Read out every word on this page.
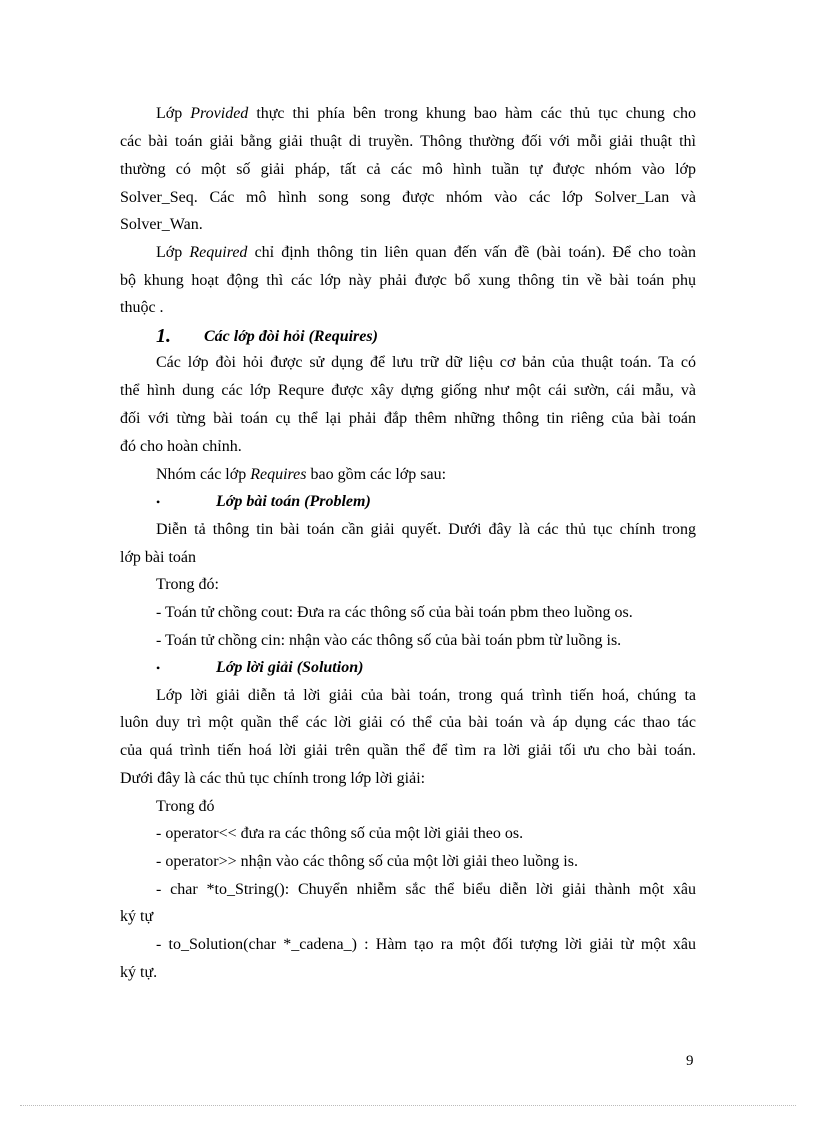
Lớp Provided thực thi phía bên trong khung bao hàm các thủ tục chung cho
các bài toán giải bằng giải thuật di truyền. Thông thường đối với mỗi giải thuật thì
thường có một số giải pháp, tất cả các mô hình tuần tự được nhóm vào lớp
Solver_Seq. Các mô hình song song được nhóm vào các lớp Solver_Lan và
Solver_Wan.
Lớp Required chỉ định thông tin liên quan đến vấn đề (bài toán). Để cho toàn
bộ khung hoạt động thì các lớp này phải được bổ xung thông tin về bài toán phụ
thuộc .
1. Các lớp đòi hỏi (Requires)
Các lớp đòi hỏi được sử dụng để lưu trữ dữ liệu cơ bản của thuật toán. Ta có
thể hình dung các lớp Requre được xây dựng giống như một cái sườn, cái mẫu, và
đối với từng bài toán cụ thể lại phải đắp thêm những thông tin riêng của bài toán
đó cho hoàn chỉnh.
Nhóm các lớp Requires bao gồm các lớp sau:
•	Lớp bài toán (Problem)
Diễn tả thông tin bài toán cần giải quyết. Dưới đây là các thủ tục chính trong
lớp bài toán
Trong đó:
- Toán tử chồng cout: Đưa ra các thông số của bài toán pbm theo luồng os.
- Toán tử chồng cin: nhận vào các thông số của bài toán pbm từ luồng is.
•	Lớp lời giải (Solution)
Lớp lời giải diễn tả lời giải của bài toán, trong quá trình tiến hoá, chúng ta
luôn duy trì một quần thể các lời giải có thể của bài toán và áp dụng các thao tác
của quá trình tiến hoá lời giải trên quần thể để tìm ra lời giải tối ưu cho bài toán.
Dưới đây là các thủ tục chính trong lớp lời giải:
Trong đó
- operator<< đưa ra các thông số của một lời giải theo os.
- operator>> nhận vào các thông số của một lời giải theo luồng is.
- char *to_String(): Chuyển nhiễm sắc thể biểu diễn lời giải thành một xâu
ký tự
- to_Solution(char *_cadena_) : Hàm tạo ra một đối tượng lời giải từ một xâu
ký tự.
9
